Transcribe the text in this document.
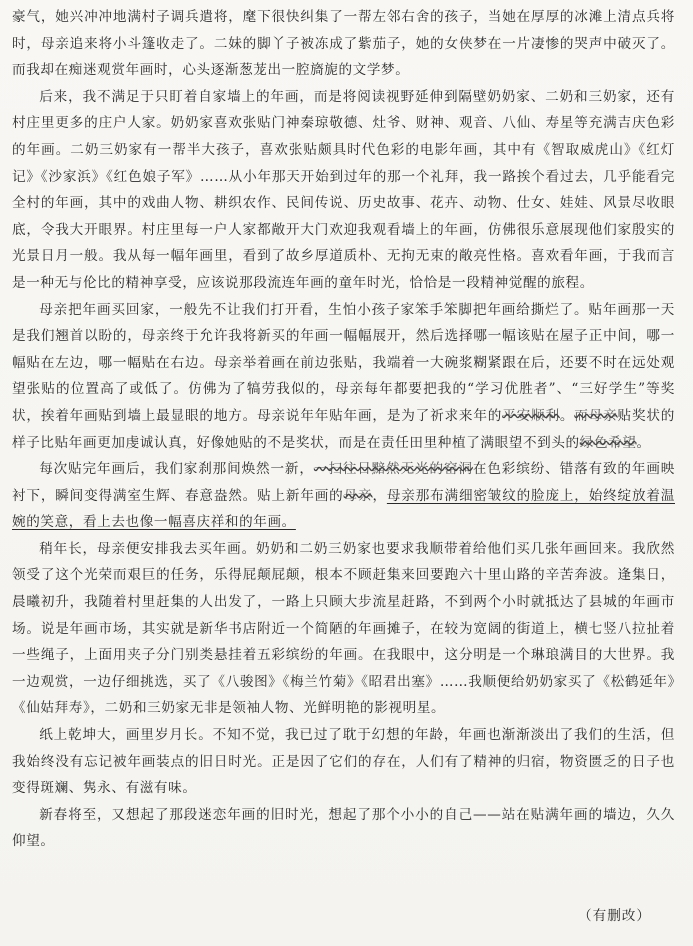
豪气，她兴冲冲地满村子调兵遣将，麾下很快纠集了一帮左邻右舍的孩子，当她在厚厚的冰滩上清点兵将时，母亲追来将小斗篷收走了。二妹的脚丫子被冻成了紫茄子，她的女侠梦在一片凄惨的哭声中破灭了。而我却在痴迷观赏年画时，心头逐渐葱茏出一腔旖旎的文学梦。

后来，我不满足于只盯着自家墙上的年画，而是将阅读视野延伸到隔壁奶奶家、二奶和三奶家，还有村庄里更多的庄户人家。奶奶家喜欢张贴门神秦琼敬德、灶爷、财神、观音、八仙、寿星等充满吉庆色彩的年画。二奶三奶家有一帮半大孩子，喜欢张贴颇具时代色彩的电影年画，其中有《智取威虎山》《红灯记》《沙家浜》《红色娘子军》……从小年那天开始到过年的那一个礼拜，我一路挨个看过去，几乎能看完全村的年画，其中的戏曲人物、耕织农作、民间传说、历史故事、花卉、动物、仕女、娃娃、风景尽收眼底，令我大开眼界。村庄里每一户人家都敞开大门欢迎我观看墙上的年画，仿佛很乐意展现他们家殷实的光景日月一般。我从每一幅年画里，看到了故乡厚道质朴、无拘无束的敞亮性格。喜欢看年画，于我而言是一种无与伦比的精神享受，应该说那段流连年画的童年时光，恰恰是一段精神觉醒的旅程。

母亲把年画买回家，一般先不让我们打开看，生怕小孩子家笨手笨脚把年画给撕烂了。贴年画那一天是我们翘首以盼的，母亲终于允许我将新买的年画一幅幅展开，然后选择哪一幅该贴在屋子正中间，哪一幅贴在左边，哪一幅贴在右边。母亲举着画在前边张贴，我端着一大碗浆糊紧跟在后，还要不时在远处观望张贴的位置高了或低了。仿佛为了犒劳我似的，母亲每年都要把我的“学习优胜者”、“三好学生”等奖状，挨着年画贴到墙上最显眼的地方。母亲说年年贴年画，是为了祈求来年的平安顺利。而母亲贴奖状的样子比贴年画更加虔诚认真，好像她贴的不是奖状，而是在责任田里种植了满眼望不到头的绿色希望。

每次贴完年画后，我们家刹那间焕然一新，一扫往日黯然无光的窑洞在色彩缤纷、错落有致的年画映衬下，瞬间变得满室生辉、春意盎然。贴上新年画的母亲，母亲那布满细密皱纹的脸庞上，始终绽放着温婉的笑意，看上去也像一幅喜庆祥和的年画。

稍年长，母亲便安排我去买年画。奶奶和二奶三奶家也要求我顺带着给他们买几张年画回来。我欣然领受了这个光荣而艰巨的任务，乐得屁颠屁颠，根本不顾赶集来回要跑六十里山路的辛苦奔波。逢集日，晨曦初升，我随着村里赶集的人出发了，一路上只顾大步流星赶路，不到两个小时就抵达了县城的年画市场。说是年画市场，其实就是新华书店附近一个简陋的年画摊子，在较为宽阔的街道上，横七竖八拉扯着一些绳子，上面用夹子分门别类悬挂着五彩缤纷的年画。在我眼中，这分明是一个琳琅满目的大世界。我一边观赏，一边仔细挑选，买了《八骏图》《梅兰竹菊》《昭君出塞》……我顺便给奶奶家买了《松鹤延年》《仙姑拜寿》，二奶和三奶家无非是领袖人物、光鲜明艳的影视明星。

纸上乾坤大，画里岁月长。不知不觉，我已过了耽于幻想的年龄，年画也渐渐淡出了我们的生活，但我始终没有忘记被年画装点的旧日时光。正是因了它们的存在，人们有了精神的归宿，物资匮乏的日子也变得斑斓、隽永、有滋有味。

新春将至，又想起了那段迷恋年画的旧时光，想起了那个小小的自己——站在贴满年画的墙边，久久仰望。

（有删改）
